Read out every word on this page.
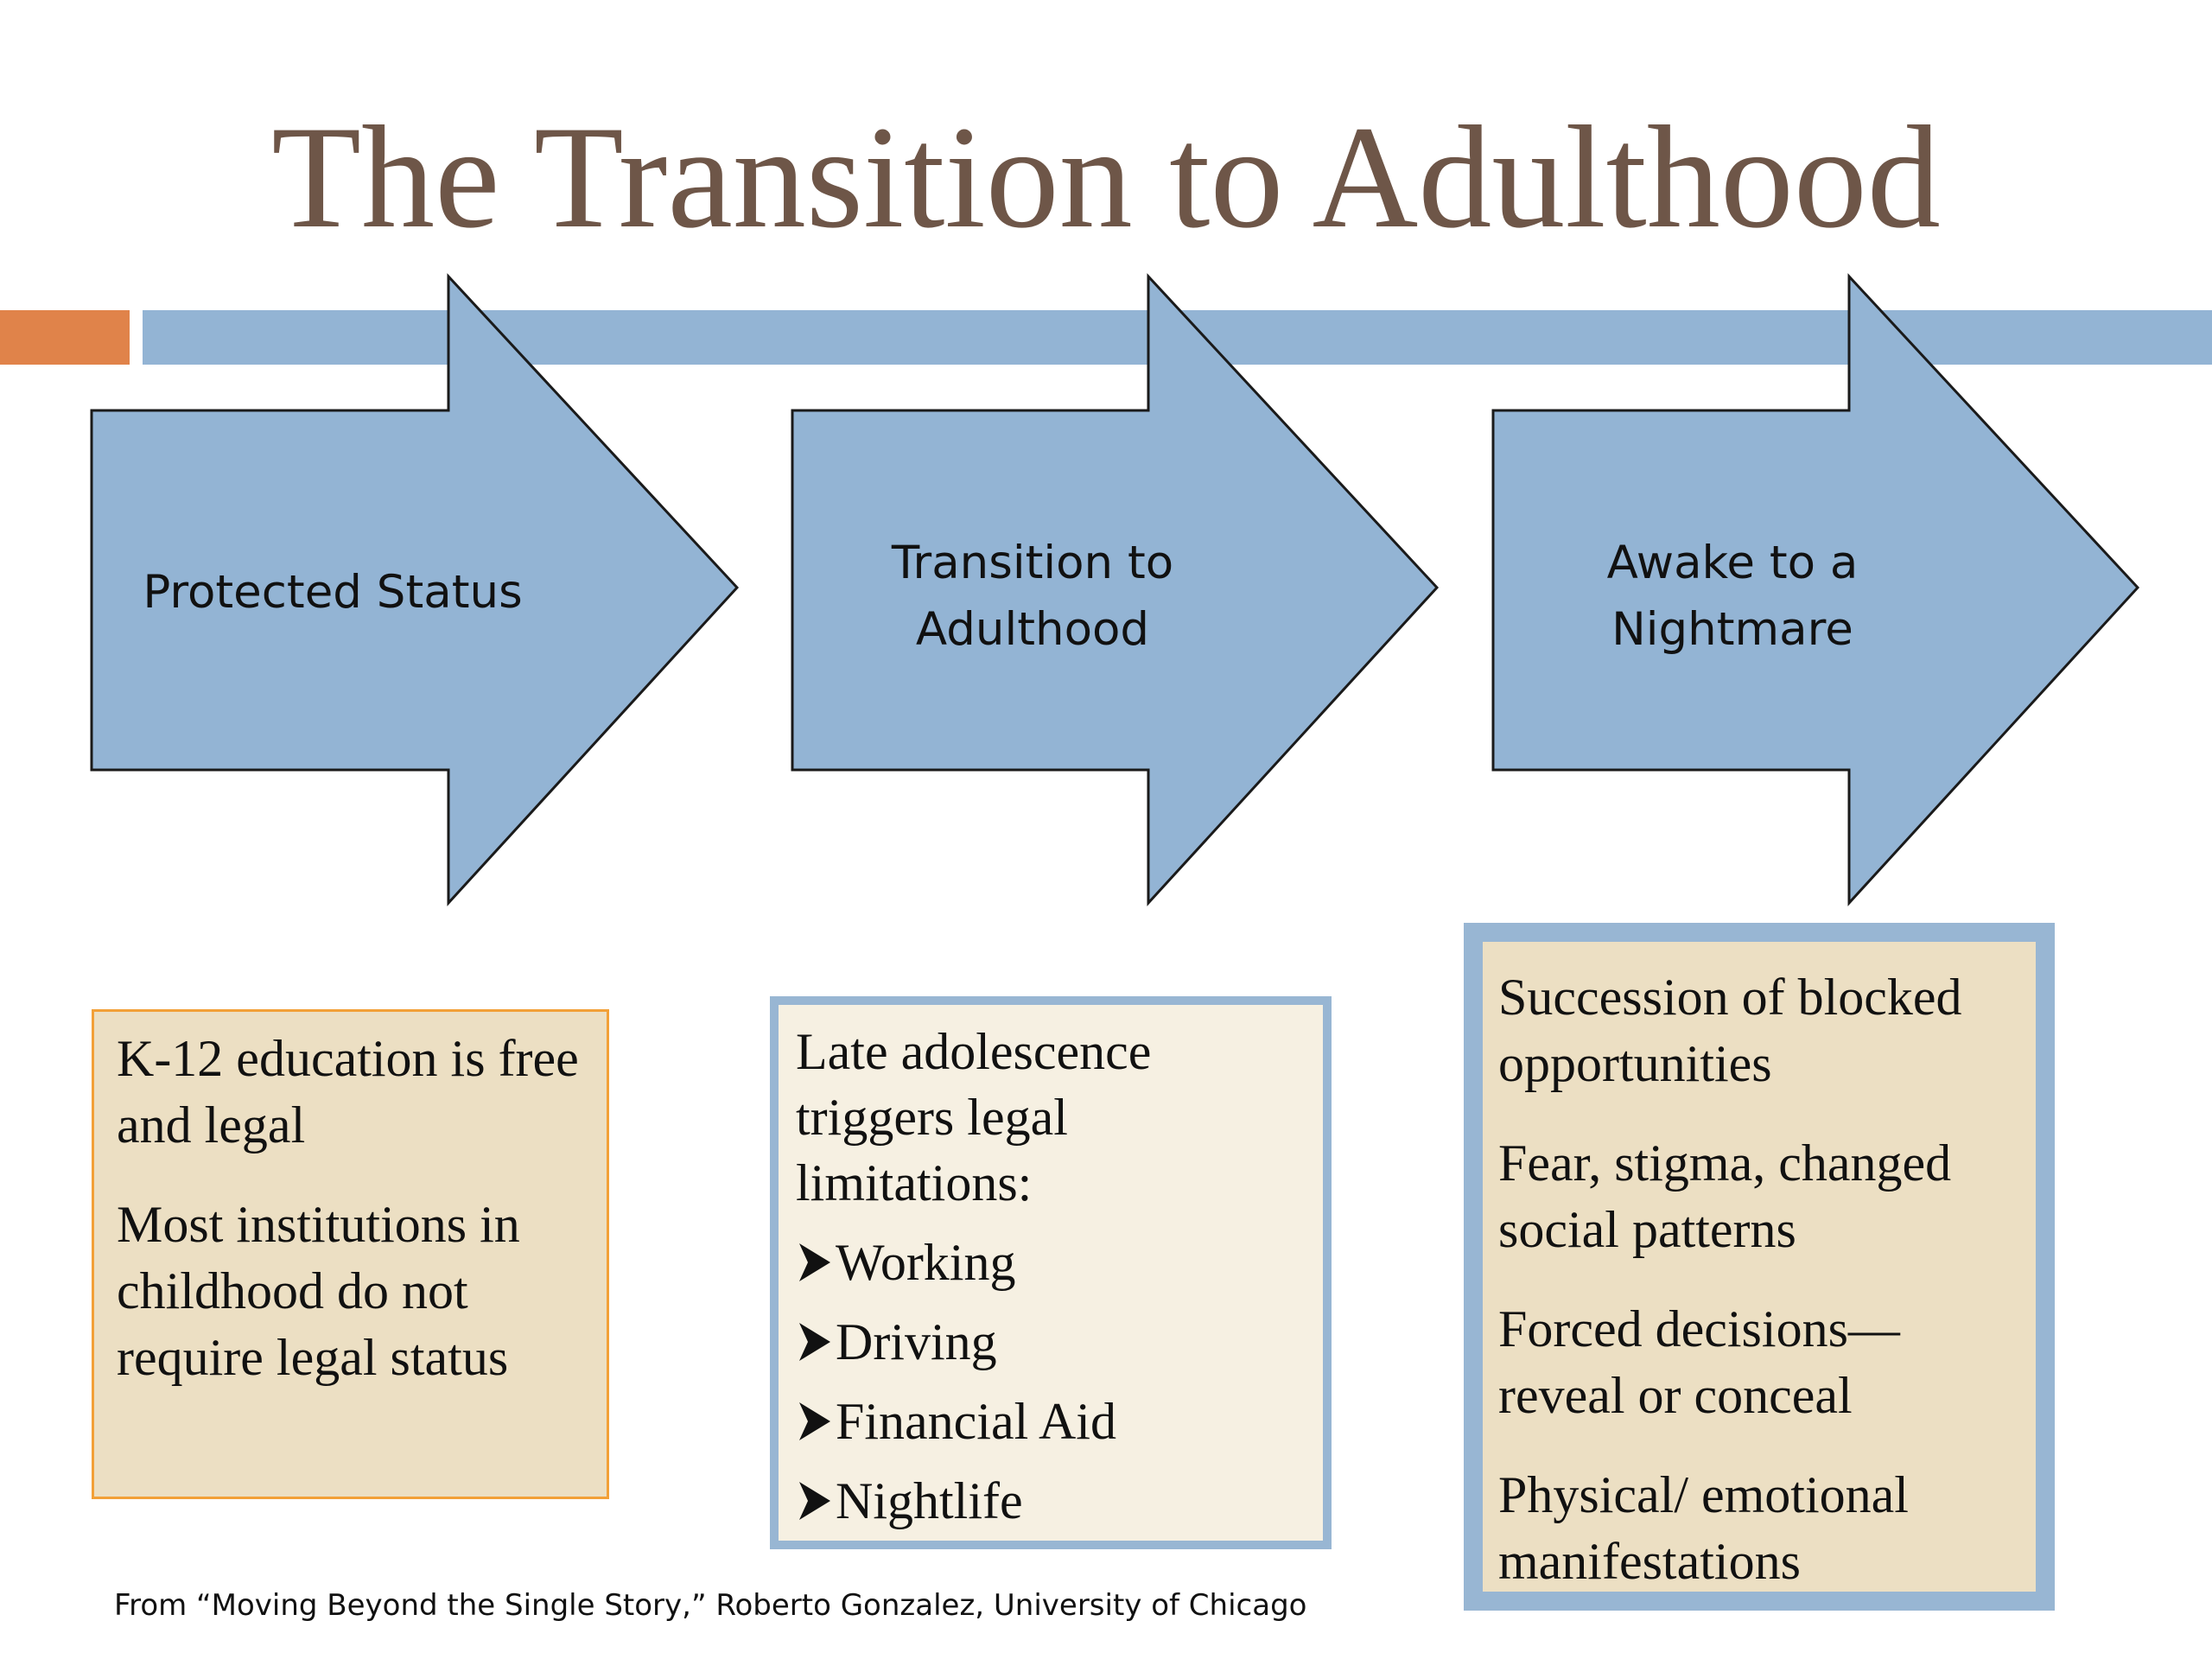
The Transition to Adulthood
Protected Status
Transition to Adulthood
Awake to a Nightmare

K-12 education is free and legal

Most institutions in childhood do not require legal status

Late adolescence triggers legal limitations:

Working

Driving

Financial Aid

Nightlife

Succession of blocked opportunities

Fear, stigma, changed social patterns

Forced decisions—reveal or conceal

Physical/ emotional manifestations

From “Moving Beyond the Single Story,” Roberto Gonzalez, University of Chicago
